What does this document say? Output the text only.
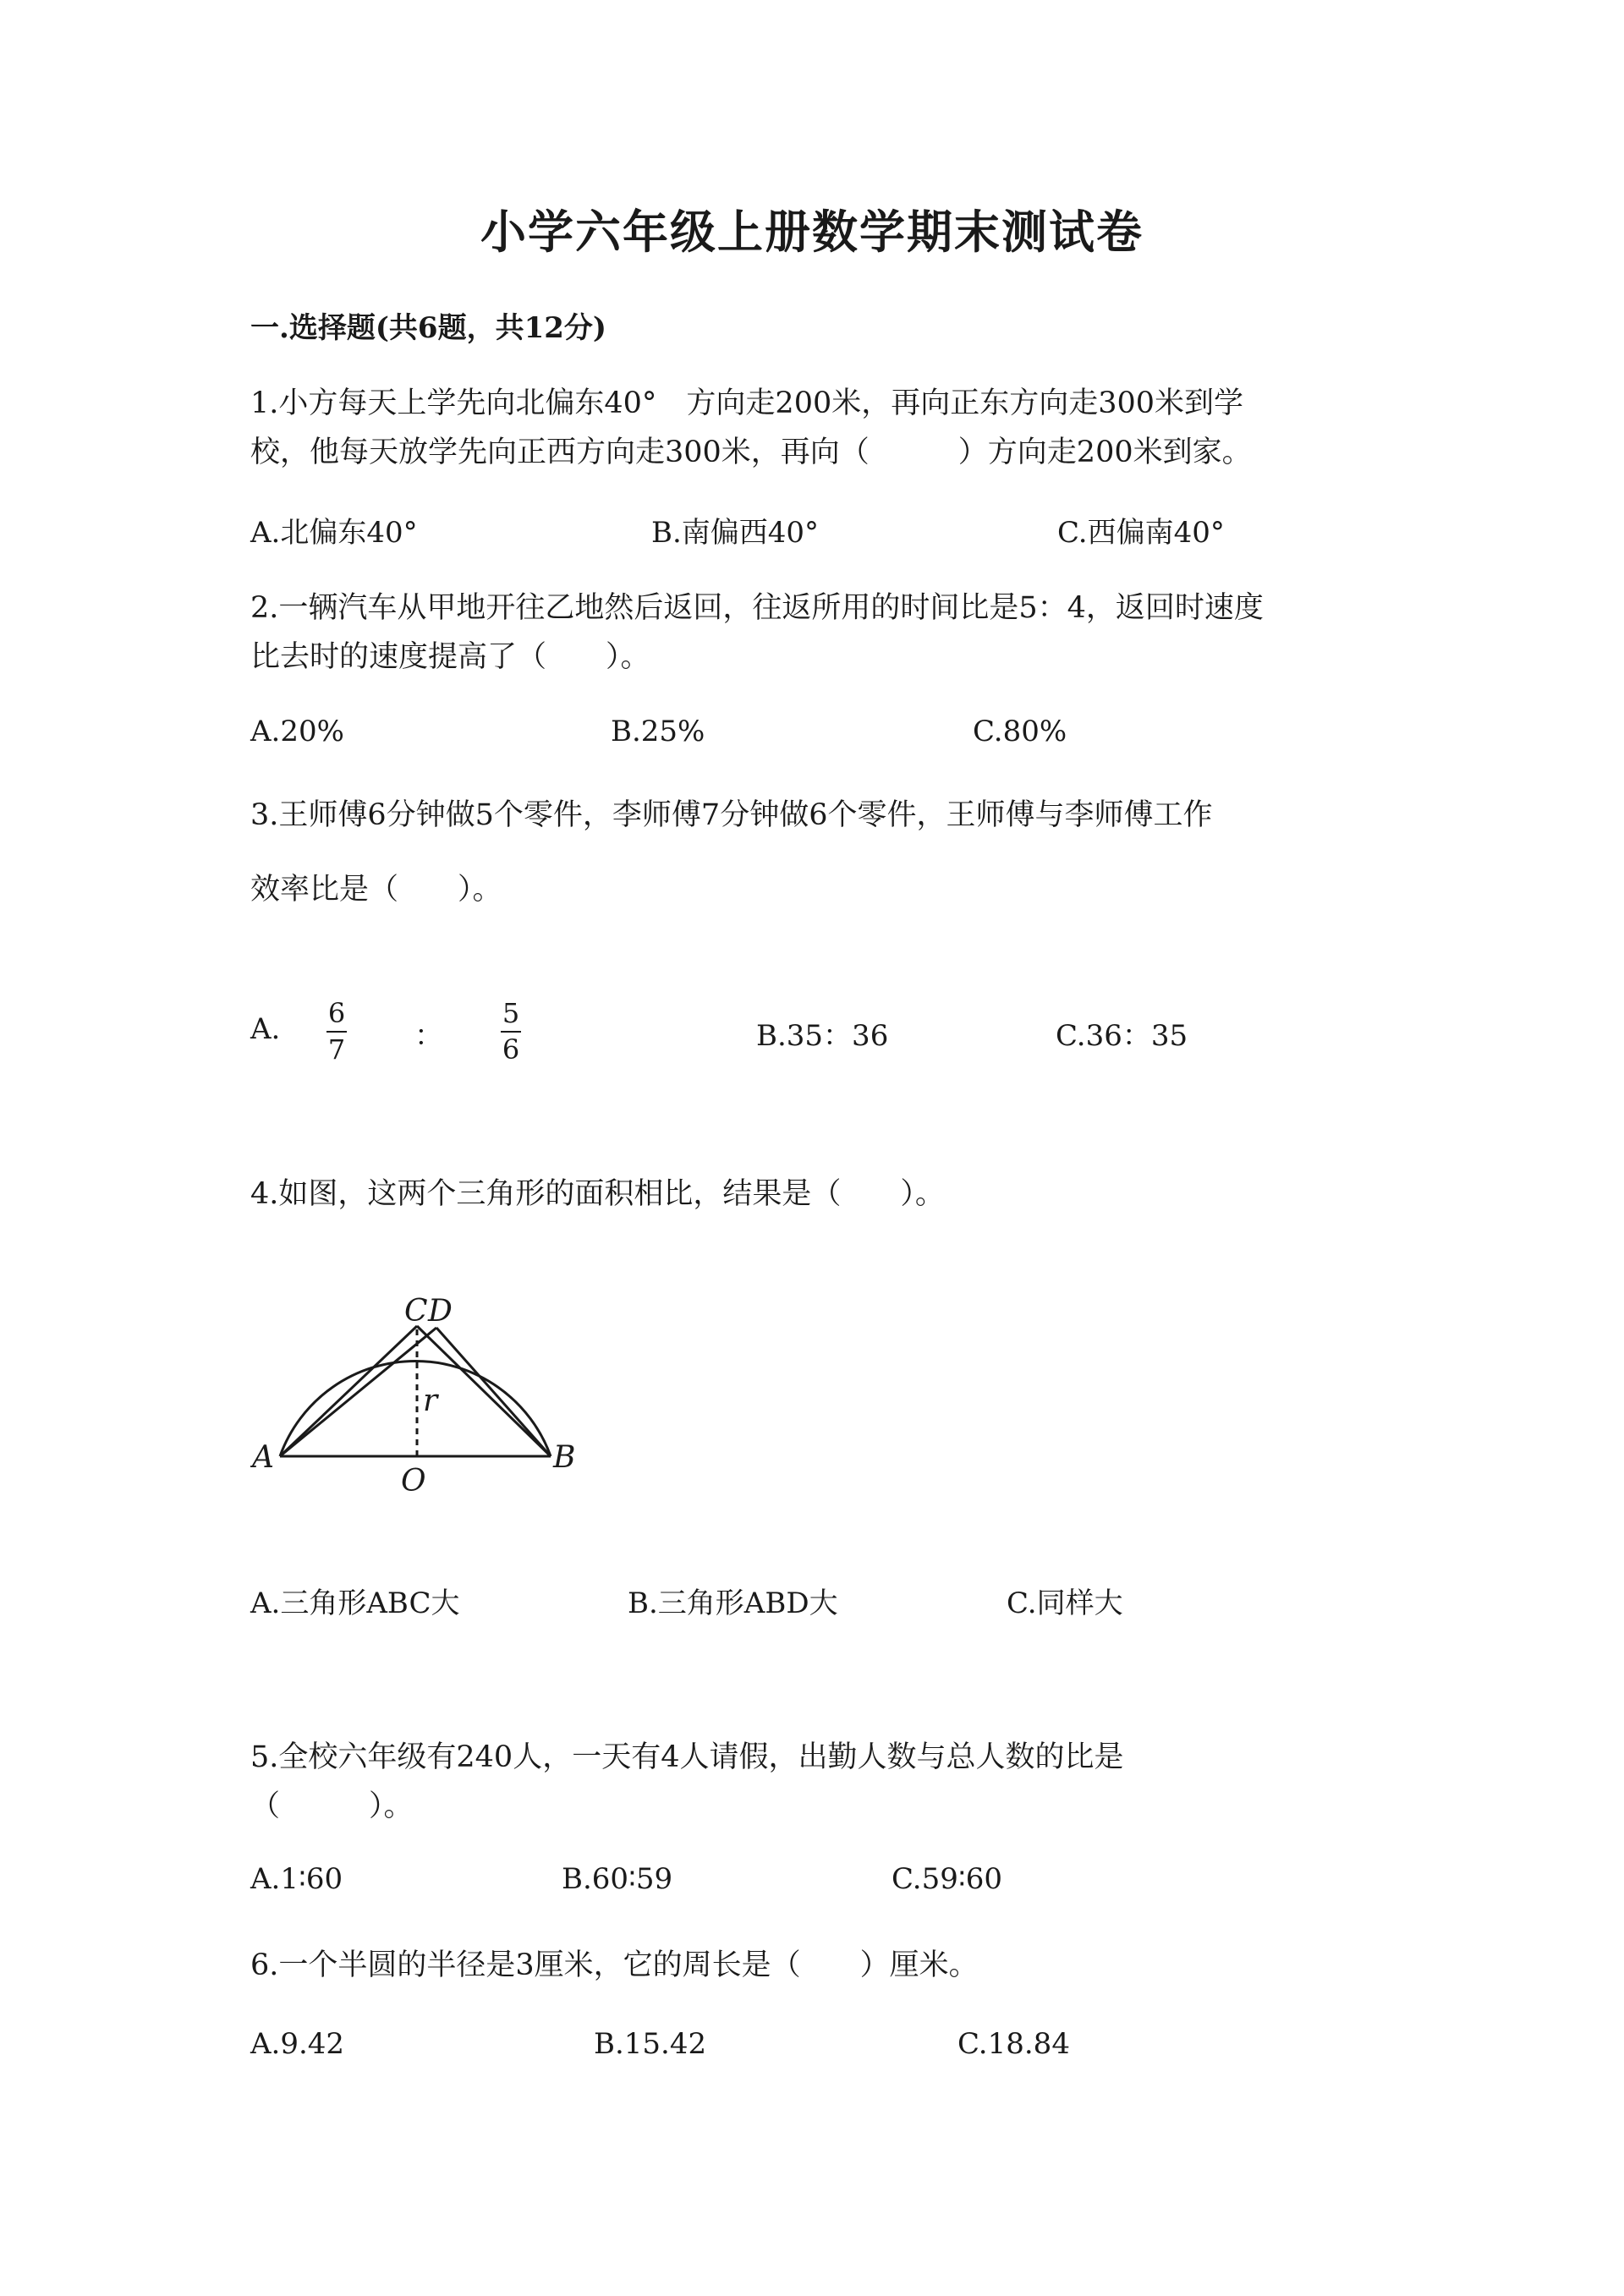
小学六年级上册数学期末测试卷
一.选择题(共6题，共12分)
1.小方每天上学先向北偏东40°　方向走200米，再向正东方向走300米到学
校，他每天放学先向正西方向走300米，再向（　　　）方向走200米到家。
A.北偏东40°	B.南偏西40°	C.西偏南40°
2.一辆汽车从甲地开往乙地然后返回，往返所用的时间比是5：4，返回时速度
比去时的速度提高了（　　）。
A.20%	B.25%	C.80%
3.王师傅6分钟做5个零件，李师傅7分钟做6个零件，王师傅与李师傅工作
效率比是（　　）。
A. 6
7 ：
5
6	B.35：36	C.36：35
4.如图，这两个三角形的面积相比，结果是（　　）。
C D
r
A	B
O
A.三角形ABC大	B.三角形ABD大	C.同样大
5.全校六年级有240人，一天有4人请假，出勤人数与总人数的比是
（　　　）。
A.1∶60	B.60∶59	C.59∶60
6.一个半圆的半径是3厘米，它的周长是（　　）厘米。
A.9.42	B.15.42	C.18.84
